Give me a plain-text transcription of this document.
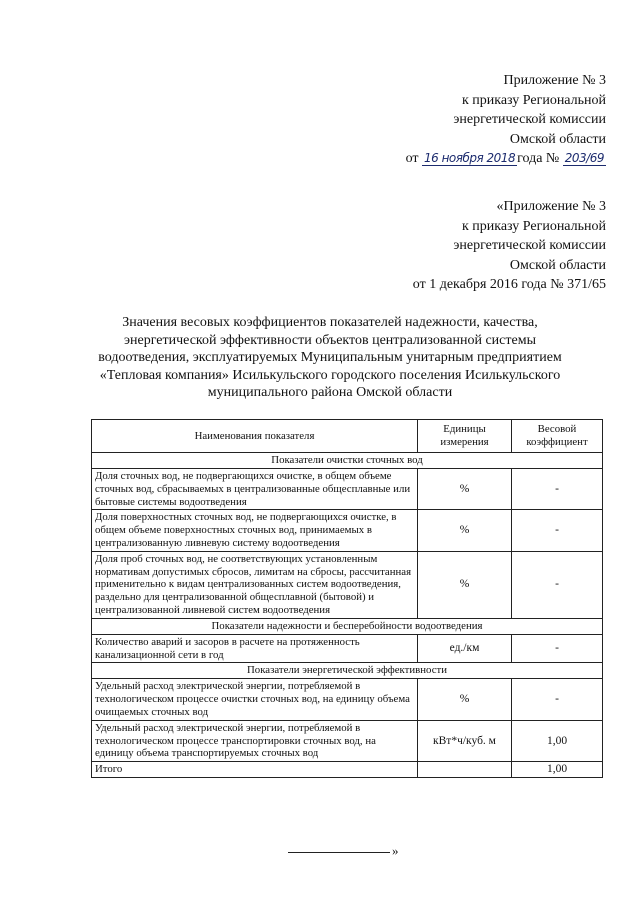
Приложение № 3
к приказу Региональной
энергетической комиссии
Омской области
от 16 ноября 2018 года № 203/69
«Приложение № 3
к приказу Региональной
энергетической комиссии
Омской области
от 1 декабря 2016 года № 371/65
Значения весовых коэффициентов показателей надежности, качества,
энергетической эффективности объектов централизованной системы
водоотведения, эксплуатируемых Муниципальным унитарным предприятием
«Тепловая компания» Исилькульского городского поселения Исилькульского
муниципального района Омской области
Наименования показателя	Единицы измерения	Весовой коэффициент
Показатели очистки сточных вод		
Доля сточных вод, не подвергающихся очистке, в общем объеме сточных вод, сбрасываемых в централизованные общесплавные или бытовые системы водоотведения	%	-
Доля поверхностных сточных вод, не подвергающихся очистке, в общем объеме поверхностных сточных вод, принимаемых в централизованную ливневую систему водоотведения	%	-
Доля проб сточных вод, не соответствующих установленным нормативам допустимых сбросов, лимитам на сбросы, рассчитанная применительно к видам централизованных систем водоотведения, раздельно для централизованной общесплавной (бытовой) и централизованной ливневой систем водоотведения	%	-
Показатели надежности и бесперебойности водоотведения		
Количество аварий и засоров в расчете на протяженность канализационной сети в год	ед./км	-
Показатели энергетической эффективности		
Удельный расход электрической энергии, потребляемой в технологическом процессе очистки сточных вод, на единицу объема очищаемых сточных вод	%	-
Удельный расход электрической энергии, потребляемой в технологическом процессе транспортировки сточных вод, на единицу объема транспортируемых сточных вод	кВт*ч/куб. м	1,00
Итого		1,00
»
